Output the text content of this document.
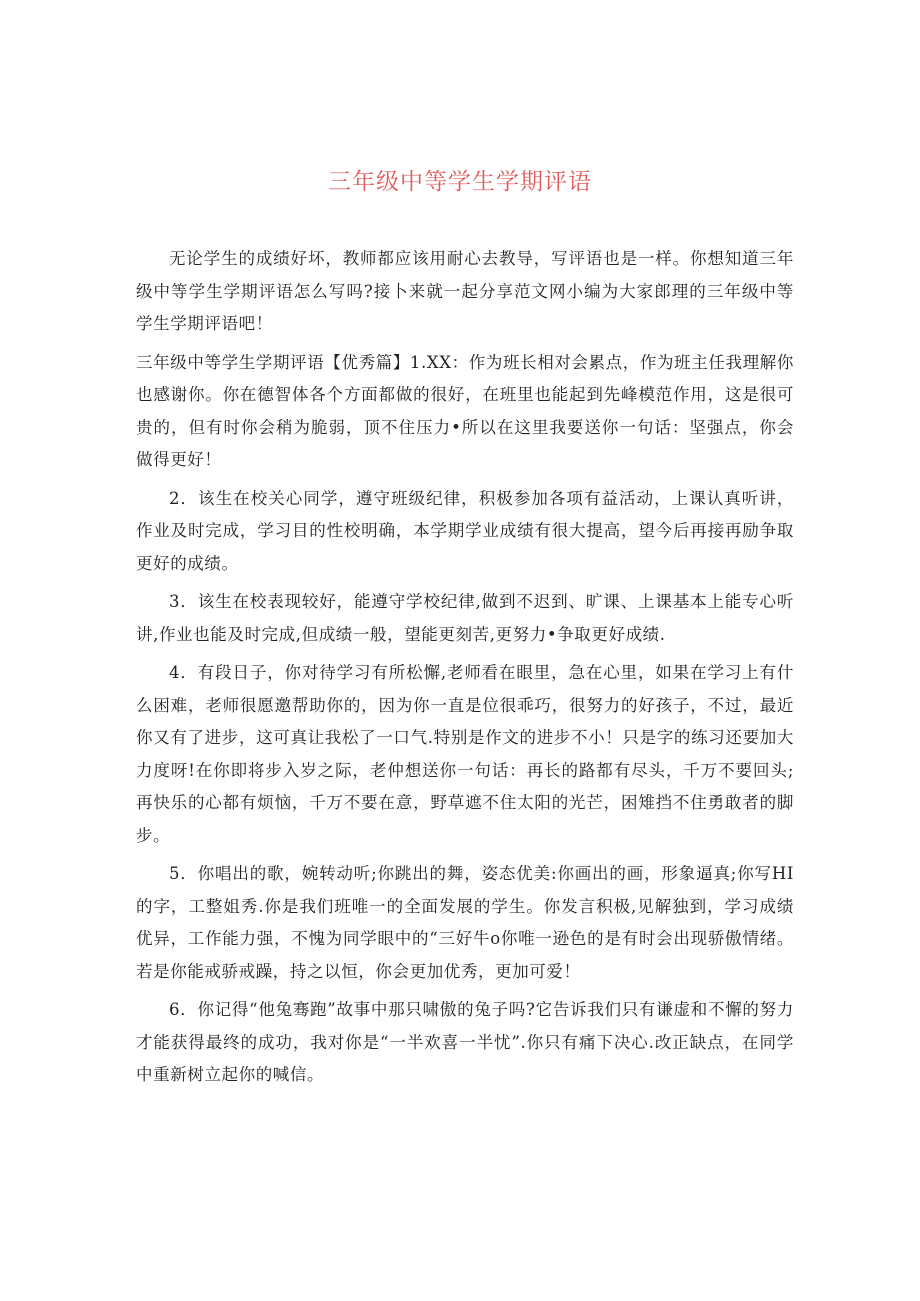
三年级中等学生学期评语

无论学生的成绩好坏，教师都应该用耐心去教导，写评语也是一样。你想知道三年级中等学生学期评语怎么写吗?接卜来就一起分享范文网小编为大家郎理的三年级中等学生学期评语吧！

三年级中等学生学期评语【优秀篇】1.XX：作为班长相对会累点，作为班主任我理解你也感谢你。你在德智体各个方面都做的很好，在班里也能起到先峰模范作用，这是很可贵的，但有时你会稍为脆弱，顶不住压力•所以在这里我要送你一句话：坚强点，你会做得更好！

2．该生在校关心同学，遵守班级纪律，积极参加各项有益活动，上课认真听讲，作业及时完成，学习目的性校明确，本学期学业成绩有很大提高，望今后再接再励争取更好的成绩。

3．该生在校表现较好，能遵守学校纪律,做到不迟到、旷课、上课基本上能专心听讲,作业也能及时完成,但成绩一般，望能更刻苦,更努力•争取更好成绩.

4．有段日子，你对待学习有所松懈,老师看在眼里，急在心里，如果在学习上有什么困难，老师很愿邀帮助你的，因为你一直是位很乖巧，很努力的好孩子，不过，最近你又有了进步，这可真让我松了一口气.特别是作文的进步不小！只是字的练习还要加大力度呀!在你即将步入岁之际，老仲想送你一句话：再长的路都有尽头，千万不要回头;再快乐的心都有烦恼，千万不要在意，野草遮不住太阳的光芒，困雉挡不住勇敢者的脚步。

5．你唱出的歌，婉转动听;你跳出的舞，姿态优美:你画出的画，形象逼真;你写HI的字，工整姐秀.你是我们班唯一的全面发展的学生。你发言积极,见解独到，学习成绩优异，工作能力强，不愧为同学眼中的“三好牛o你唯一逊色的是有时会出现骄傲情绪。若是你能戒骄戒躁，持之以恒，你会更加优秀，更加可爱！

6．你记得“他兔骞跑”故事中那只啸傲的兔子吗?它告诉我们只有谦虚和不懈的努力才能获得最终的成功，我对你是“一半欢喜一半忧”.你只有痛下决心.改正缺点，在同学中重新树立起你的喊信。
